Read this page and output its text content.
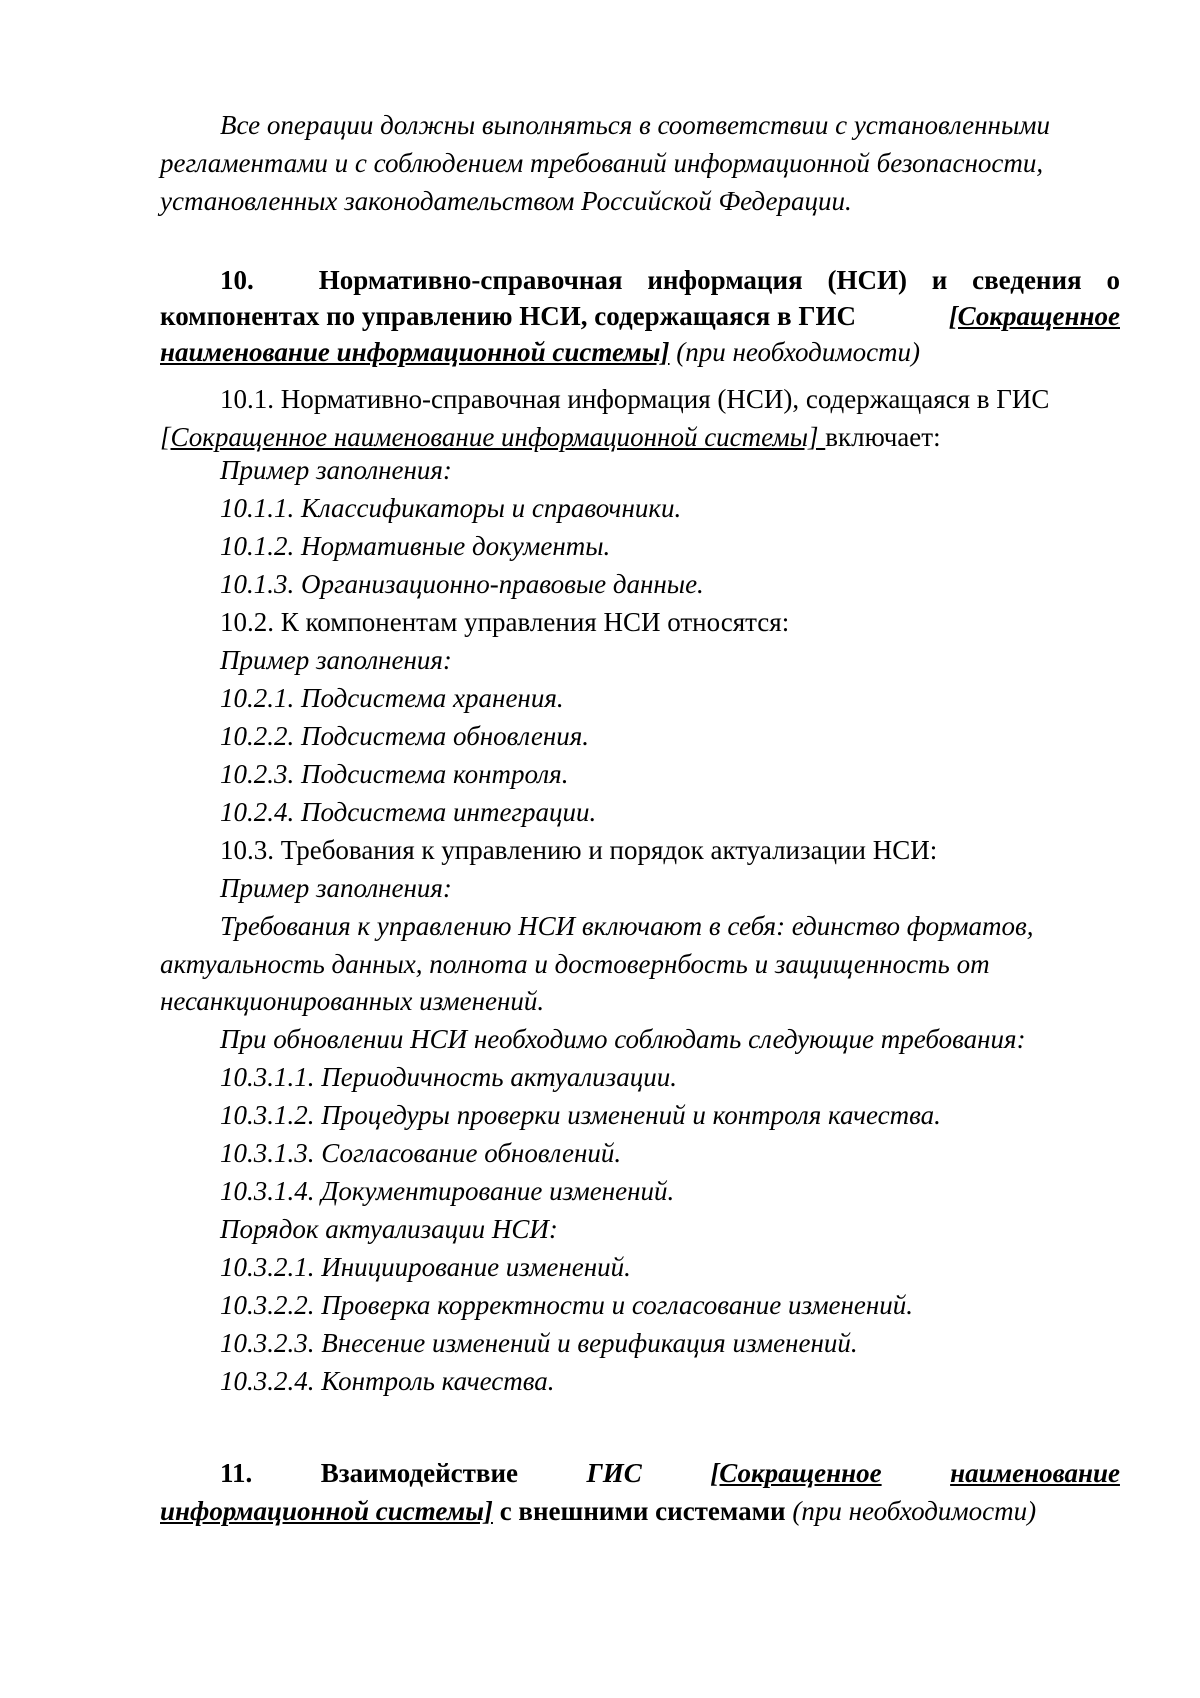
Все операции должны выполняться в соответствии с установленными
регламентами и с соблюдением требований информационной безопасности,
установленных законодательством Российской Федерации.
10.	Нормативно-справочная информация (НСИ) и сведения о
компонентах по управлению НСИ, содержащаяся в ГИС	[Сокращенное
наименование информационной системы] (при необходимости)
10.1. Нормативно-справочная информация (НСИ), содержащаяся в ГИС
[Сокращенное наименование информационной системы] включает:
Пример заполнения:
10.1.1. Классификаторы и справочники.
10.1.2. Нормативные документы.
10.1.3. Организационно-правовые данные.
10.2. К компонентам управления НСИ относятся:
Пример заполнения:
10.2.1. Подсистема хранения.
10.2.2. Подсистема обновления.
10.2.3. Подсистема контроля.
10.2.4. Подсистема интеграции.
10.3. Требования к управлению и порядок актуализации НСИ:
Пример заполнения:
Требования к управлению НСИ включают в себя: единство форматов,
актуальность данных, полнота и достовернбость и защищенность от
несанкционированных изменений.
При обновлении НСИ необходимо соблюдать следующие требования:
10.3.1.1. Периодичность актуализации.
10.3.1.2. Процедуры проверки изменений и контроля качества.
10.3.1.3. Согласование обновлений.
10.3.1.4. Документирование изменений.
Порядок актуализации НСИ:
10.3.2.1. Инициирование изменений.
10.3.2.2. Проверка корректности и согласование изменений.
10.3.2.3. Внесение изменений и верификация изменений.
10.3.2.4. Контроль качества.
11.	Взаимодействие	ГИС	[Сокращенное	наименование
информационной системы] с внешними системами (при необходимости)
